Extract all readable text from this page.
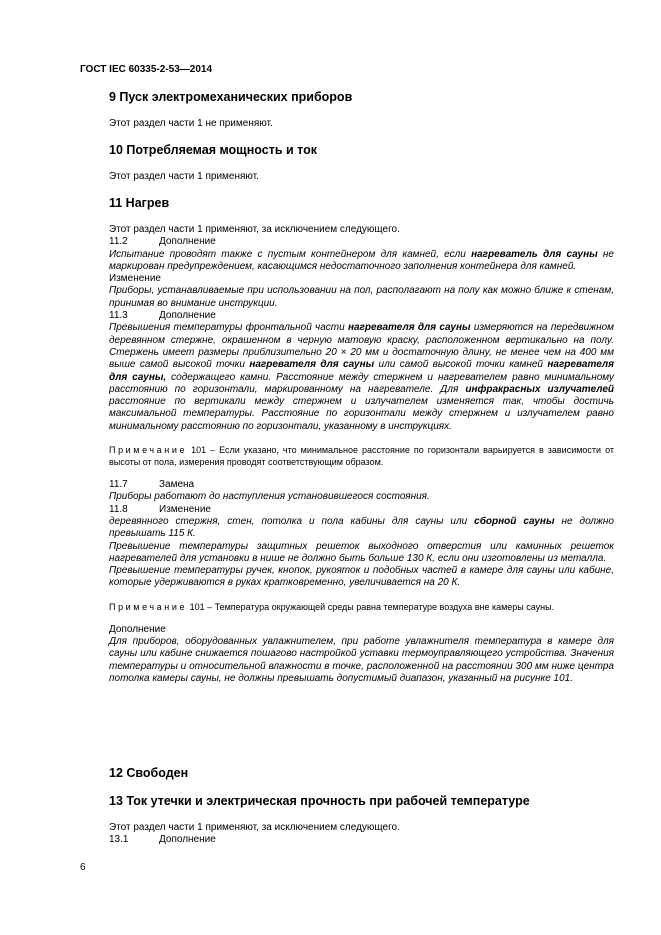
ГОСТ IEC 60335-2-53—2014
9 Пуск электромеханических приборов

Этот раздел части 1 не применяют.

10 Потребляемая мощность и ток

Этот раздел части 1 применяют.

11 Нагрев

Этот раздел части 1 применяют, за исключением следующего.

11.2	Дополнение

Испытание проводят также с пустым контейнером для камней, если нагреватель для сауны не маркирован предупреждением, касающимся недостаточного заполнения контейнера для камней.

Изменение

Приборы, устанавливаемые при использовании на пол, располагают на полу как можно ближе к стенам, принимая во внимание инструкции.

11.3	Дополнение

Превышения температуры фронтальной части нагревателя для сауны измеряются на передвижном деревянном стержне, окрашенном в черную матовую краску, расположенном вертикально на полу. Стержень имеет размеры приблизительно 20 × 20 мм и достаточную длину, не менее чем на 400 мм выше самой высокой точки нагревателя для сауны или самой высокой точки камней нагревателя для сауны, содержащего камни. Расстояние между стержнем и нагревателем равно минимальному расстоянию по горизонтали, маркированному на нагревателе. Для инфракрасных излучателей расстояние по вертикали между стержнем и излучателем изменяется так, чтобы достичь максимальной температуры. Расстояние по горизонтали между стержнем и излучателем равно минимальному расстоянию по горизонтали, указанному в инструкциях.

Примечание 101 – Если указано, что минимальное расстояние по горизонтали варьируется в зависимости от высоты от пола, измерения проводят соответствующим образом.

11.7	Замена

Приборы работают до наступления установившегося состояния.

11.8	Изменение

деревянного стержня, стен, потолка и пола кабины для сауны или сборной сауны не должно превышать 115 К.

Превышение температуры защитных решеток выходного отверстия или каминных решеток нагревателей для установки в нише не должно быть больше 130 К, если они изготовлены из металла.

Превышение температуры ручек, кнопок, рукояток и подобных частей в камере для сауны или кабине, которые удерживаются в руках кратковременно, увеличивается на 20 К.

Примечание 101 – Температура окружающей среды равна температуре воздуха вне камеры сауны.

Дополнение

Для приборов, оборудованных увлажнителем, при работе увлажнителя температура в камере для сауны или кабине снижается пошагово настройкой уставки термоуправляющего устройства. Значения температуры и относительной влажности в точке, расположенной на расстоянии 300 мм ниже центра потолка камеры сауны, не должны превышать допустимый диапазон, указанный на рисунке 101.

12 Свободен
13 Ток утечки и электрическая прочность при рабочей температуре

Этот раздел части 1 применяют, за исключением следующего.

13.1	Дополнение

6
